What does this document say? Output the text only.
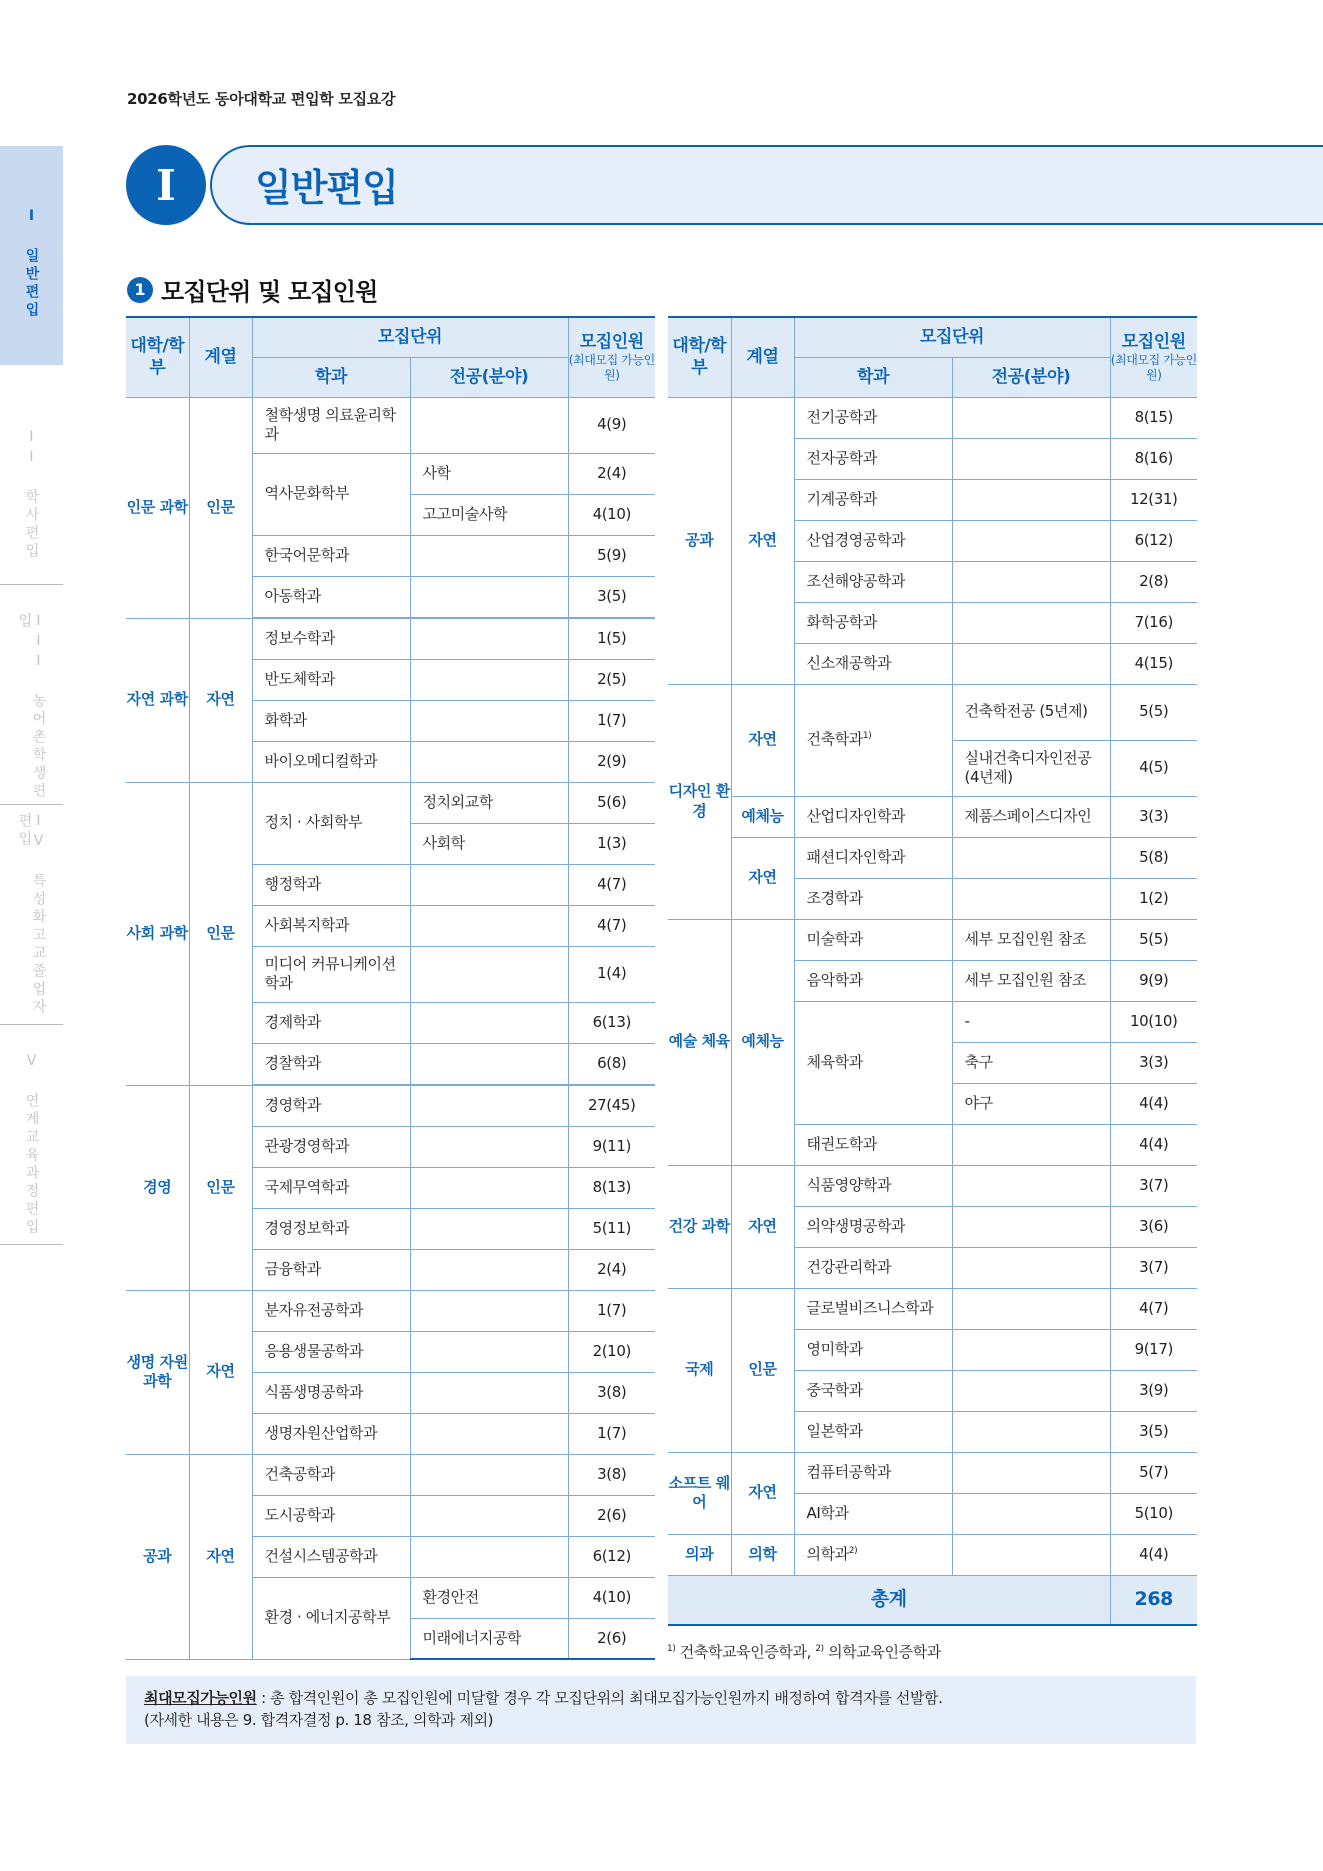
2026학년도 동아대학교 편입학 모집요강
I 일반편입
II 학사편입
III 농어촌학생편입
IV 특성화고교졸업자편입
V 연계교육과정편입
I	일반편입
1 모집단위 및 모집인원
대학/학부	계열	모집단위		모집인원
(최대모집 가능인원)
		학과	전공(분야)	
인문 과학	인문	철학생명 의료윤리학과		4(9)
		역사문화학부	사학	2(4)
			고고미술사학	4(10)
		한국어문학과		5(9)
		아동학과		3(5)

자연 과학	자연	정보수학과		1(5)
		반도체학과		2(5)
		화학과		1(7)
		바이오메디컬학과		2(9)
사회 과학	인문	정치 · 사회학부	정치외교학	5(6)
			사회학	1(3)
		행정학과		4(7)
		사회복지학과		4(7)
		미디어 커뮤니케이션학과		1(4)
		경제학과		6(13)
		경찰학과		6(8)

경영	인문	경영학과		27(45)
		관광경영학과		9(11)
		국제무역학과		8(13)
		경영정보학과		5(11)
		금융학과		2(4)
생명 자원 과학	자연	분자유전공학과		1(7)
		응용생물공학과		2(10)
		식품생명공학과		3(8)
		생명자원산업학과		1(7)
공과	자연	건축공학과		3(8)
		도시공학과		2(6)
		건설시스템공학과		6(12)
		환경 · 에너지공학부	환경안전	4(10)
			미래에너지공학	2(6)
대학/학부	계열	모집단위		모집인원
(최대모집 가능인원)
		학과	전공(분야)	
공과	자연	전기공학과		8(15)
		전자공학과		8(16)
		기계공학과		12(31)
		산업경영공학과		6(12)
		조선해양공학과		2(8)
		화학공학과		7(16)
		신소재공학과		4(15)
디자인 환경	자연	건축학과$^{1)}$	건축학전공 (5년제)	5(5)
			실내건축디자인전공 (4년제)	4(5)
	예체능	산업디자인학과	제품스페이스디자인	3(3)
	자연	패션디자인학과		5(8)
		조경학과		1(2)
예술 체육	예체능	미술학과	세부 모집인원 참조	5(5)
		음악학과	세부 모집인원 참조	9(9)
		체육학과	-	10(10)
			축구	3(3)
			야구	4(4)
		태권도학과		4(4)
건강 과학	자연	식품영양학과		3(7)
		의약생명공학과		3(6)
		건강관리학과		3(7)
국제	인문	글로벌비즈니스학과		4(7)
		영미학과		9(17)
		중국학과		3(9)
		일본학과		3(5)
소프트 웨어	자연	컴퓨터공학과		5(7)
		AI학과		5(10)
의과	의학	의학과$^{2)}$		4(4)
총계				268
$^{1)}$ 건축학교육인증학과, $^{2)}$ 의학교육인증학과
최대모집가능인원 : 총 합격인원이 총 모집인원에 미달할 경우 각 모집단위의 최대모집가능인원까지 배정하여 합격자를 선발함.
(자세한 내용은 9. 합격자결정 p. 18 참조, 의학과 제외)
